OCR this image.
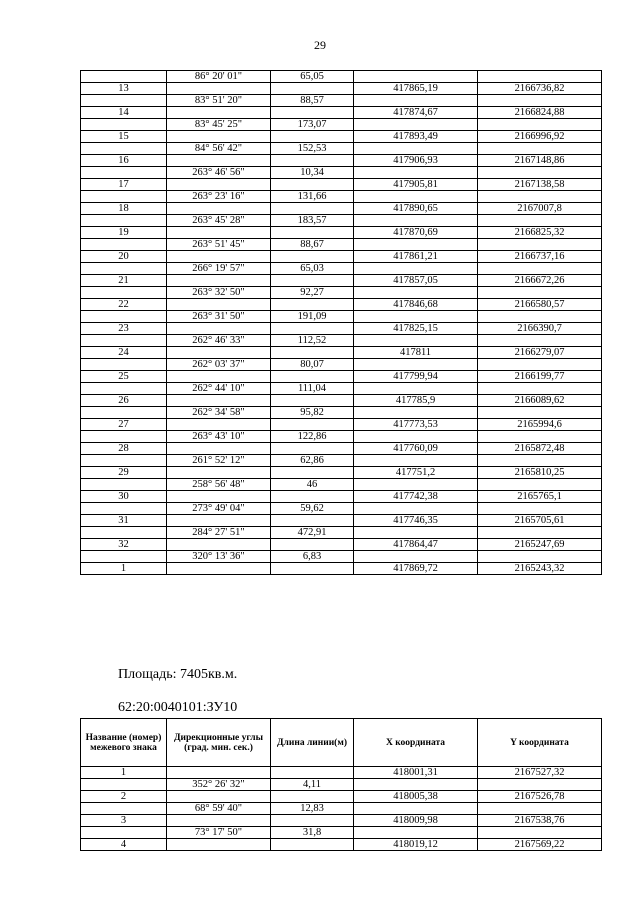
29
	86° 20' 01"	65,05		
13			417865,19	2166736,82
	83° 51' 20"	88,57		
14			417874,67	2166824,88
	83° 45' 25"	173,07		
15			417893,49	2166996,92
	84° 56' 42"	152,53		
16			417906,93	2167148,86
	263° 46' 56"	10,34		
17			417905,81	2167138,58
	263° 23' 16"	131,66		
18			417890,65	2167007,8
	263° 45' 28"	183,57		
19			417870,69	2166825,32
	263° 51' 45"	88,67		
20			417861,21	2166737,16
	266° 19' 57"	65,03		
21			417857,05	2166672,26
	263° 32' 50"	92,27		
22			417846,68	2166580,57
	263° 31' 50"	191,09		
23			417825,15	2166390,7
	262° 46' 33"	112,52		
24			417811	2166279,07
	262° 03' 37"	80,07		
25			417799,94	2166199,77
	262° 44' 10"	111,04		
26			417785,9	2166089,62
	262° 34' 58"	95,82		
27			417773,53	2165994,6
	263° 43' 10"	122,86		
28			417760,09	2165872,48
	261° 52' 12"	62,86		
29			417751,2	2165810,25
	258° 56' 48"	46		
30			417742,38	2165765,1
	273° 49' 04"	59,62		
31			417746,35	2165705,61
	284° 27' 51"	472,91		
32			417864,47	2165247,69
	320° 13' 36"	6,83		
1			417869,72	2165243,32
Площадь: 7405кв.м.
62:20:0040101:ЗУ10
Название (номер) межевого знака	Дирекционные углы (град. мин. сек.)	Длина линии(м)	X координата	Y координата
1			418001,31	2167527,32
	352° 26' 32"	4,11		
2			418005,38	2167526,78
	68° 59' 40"	12,83		
3			418009,98	2167538,76
	73° 17' 50"	31,8		
4			418019,12	2167569,22
